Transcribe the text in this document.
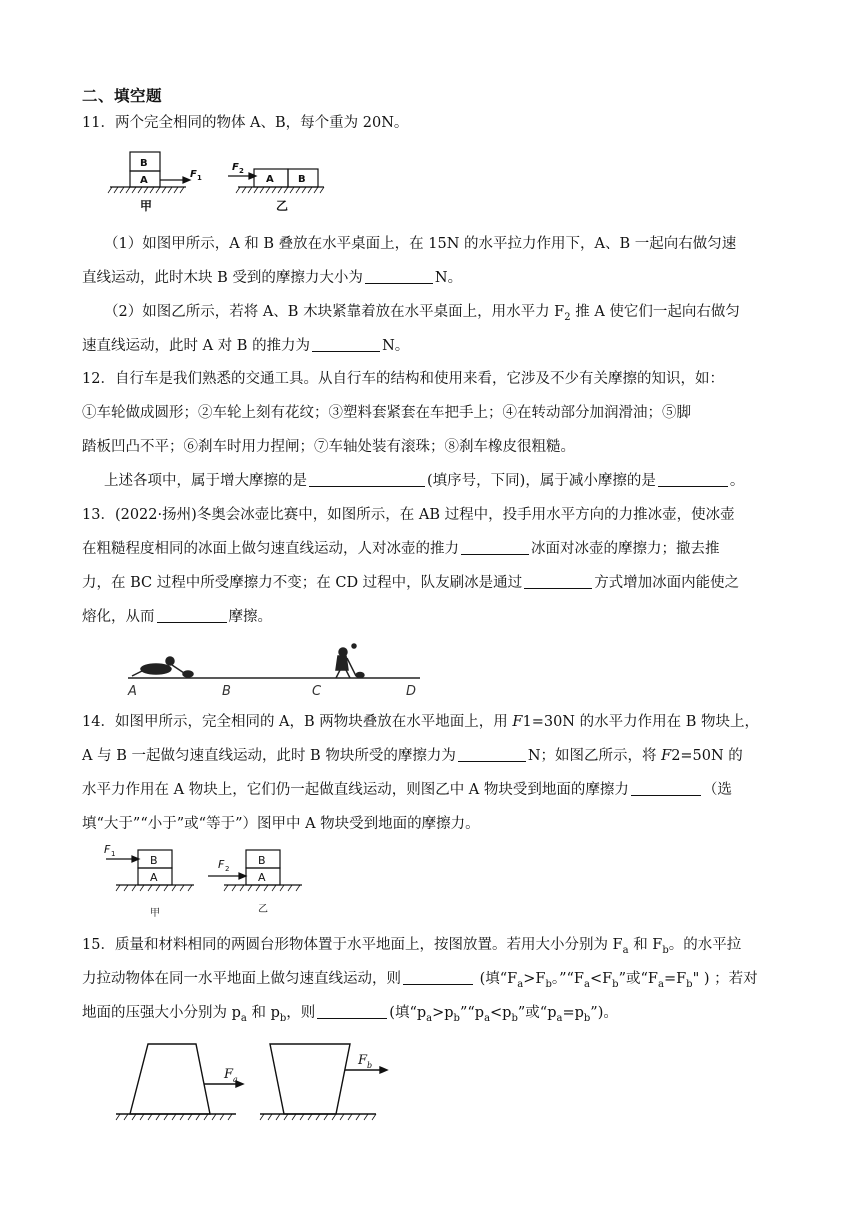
二、填空题
11．两个完全相同的物体 A、B，每个重为 20N。
B
A
F 1
甲
F 2
A B
乙
（1）如图甲所示，A 和 B 叠放在水平桌面上，在 15N 的水平拉力作用下，A、B 一起向右做匀速
直线运动，此时木块 B 受到的摩擦力大小为	N。
（2）如图乙所示，若将 A、B 木块紧靠着放在水平桌面上，用水平力 $F_2$ 推 A 使它们一起向右做匀
速直线运动，此时 A 对 B 的推力为	N。
12．自行车是我们熟悉的交通工具。从自行车的结构和使用来看，它涉及不少有关摩擦的知识，如：
①车轮做成圆形；②车轮上刻有花纹；③塑料套紧套在车把手上；④在转动部分加润滑油；⑤脚
踏板凹凸不平；⑥刹车时用力捏闸；⑦车轴处装有滚珠；⑧刹车橡皮很粗糙。
上述各项中，属于增大摩擦的是	(填序号，下同)，属于减小摩擦的是	。
13．(2022·扬州)冬奥会冰壶比赛中，如图所示，在 AB 过程中，投手用水平方向的力推冰壶，使冰壶
在粗糙程度相同的冰面上做匀速直线运动，人对冰壶的推力	冰面对冰壶的摩擦力；撤去推
力，在 BC 过程中所受摩擦力不变；在 CD 过程中，队友刷冰是通过	方式增加冰面内能使之
熔化，从而	摩擦。
A	B	C	D
14．如图甲所示，完全相同的 A，B 两物块叠放在水平地面上，用 F1=30N 的水平力作用在 B 物块上，
A 与 B 一起做匀速直线运动，此时 B 物块所受的摩擦力为	N；如图乙所示，将 F2=50N 的
水平力作用在 A 物块上，它们仍一起做直线运动，则图乙中 A 物块受到地面的摩擦力	（选
填“大于”“小于”或“等于”）图甲中 A 物块受到地面的摩擦力。
F 1	B
A
甲
F 2
B
A
乙
15．质量和材料相同的两圆台形物体置于水平地面上，按图放置。若用大小分别为 $F_a$ 和 $F_b$。的水平拉
力拉动物体在同一水平地面上做匀速直线运动，则	(填“$F_a>F_b$。$”“F_a<F_b$”或“$F_a=F_b$" ) ；若对
地面的压强大小分别为 $p_a$ 和 $p_b$，则	(填“$p_a>p_b”“p_a<p_b$”或“$p_a=p_b$”)。
F a
F b
